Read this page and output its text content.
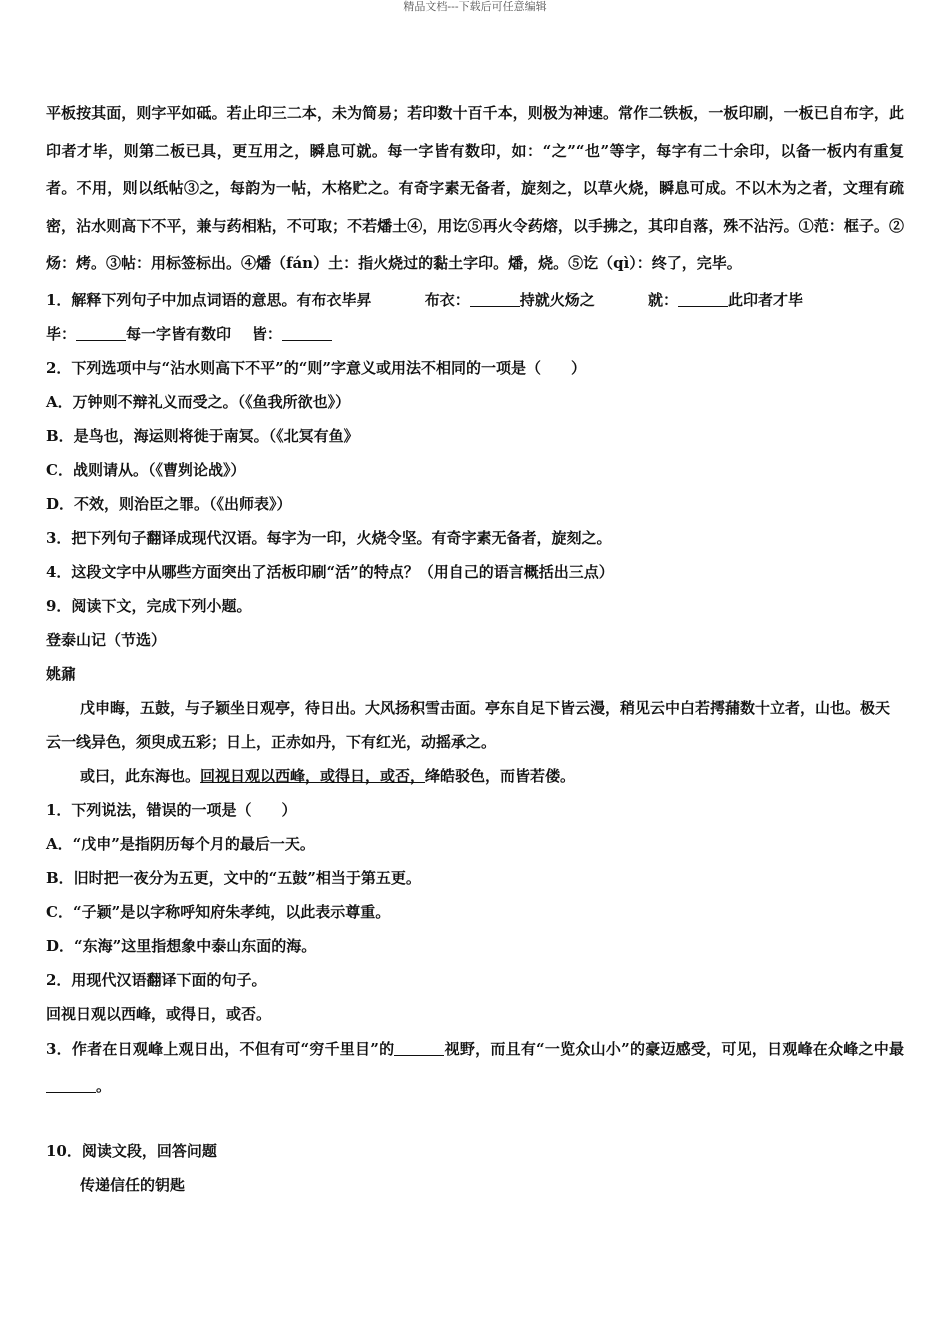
精品文档---下载后可任意编辑

平板按其面，则字平如砥。若止印三二本，未为简易；若印数十百千本，则极为神速。常作二铁板，一板印刷，一板已自布字，此印者才毕，则第二板已具，更互用之，瞬息可就。每一字皆有数印，如：“之”“也”等字，每字有二十余印，以备一板内有重复者。不用，则以纸帖③之，每韵为一帖，木格贮之。有奇字素无备者，旋刻之，以草火烧，瞬息可成。不以木为之者，文理有疏密，沾水则高下不平，兼与药相粘，不可取；不若燔土④，用讫⑤再火令药熔，以手拂之，其印自落，殊不沾污。①范：框子。②炀：烤。③帖：用标签标出。④燔（fán）土：指火烧过的黏土字印。燔，烧。⑤讫（qì）：终了，完毕。

1．解释下列句子中加点词语的意思。有布衣毕昇	布衣：	持就火炀之	就：	此印者才毕

毕：	每一字皆有数印 皆：

2．下列选项中与“沾水则高下不平”的“则”字意义或用法不相同的一项是（　　）

A．万钟则不辩礼义而受之。（《鱼我所欲也》）

B．是鸟也，海运则将徙于南冥。（《北冥有鱼》

C．战则请从。（《曹刿论战》）

D．不效，则治臣之罪。（《出师表》）

3．把下列句子翻译成现代汉语。每字为一印，火烧令坚。有奇字素无备者，旋刻之。

4．这段文字中从哪些方面突出了活板印刷“活”的特点？（用自己的语言概括出三点）

9．阅读下文，完成下列小题。

登泰山记（节选）

姚鼐

戊申晦，五鼓，与子颖坐日观亭，待日出。大风扬积雪击面。亭东自足下皆云漫，稍见云中白若摴蒱数十立者，山也。极天云一线异色，须臾成五彩；日上，正赤如丹，下有红光，动摇承之。

或曰，此东海也。回视日观以西峰，或得日，或否，绛皓驳色，而皆若偻。

1．下列说法，错误的一项是（　　）

A．“戊申”是指阴历每个月的最后一天。

B．旧时把一夜分为五更，文中的“五鼓”相当于第五更。

C．“子颖”是以字称呼知府朱孝纯，以此表示尊重。

D．“东海”这里指想象中泰山东面的海。

2．用现代汉语翻译下面的句子。

回视日观以西峰，或得日，或否。

3．作者在日观峰上观日出，不但有可“穷千里目”的	视野，而且有“一览众山小”的豪迈感受，可见，日观峰在众峰之中最。

10．阅读文段，回答问题

传递信任的钥匙
